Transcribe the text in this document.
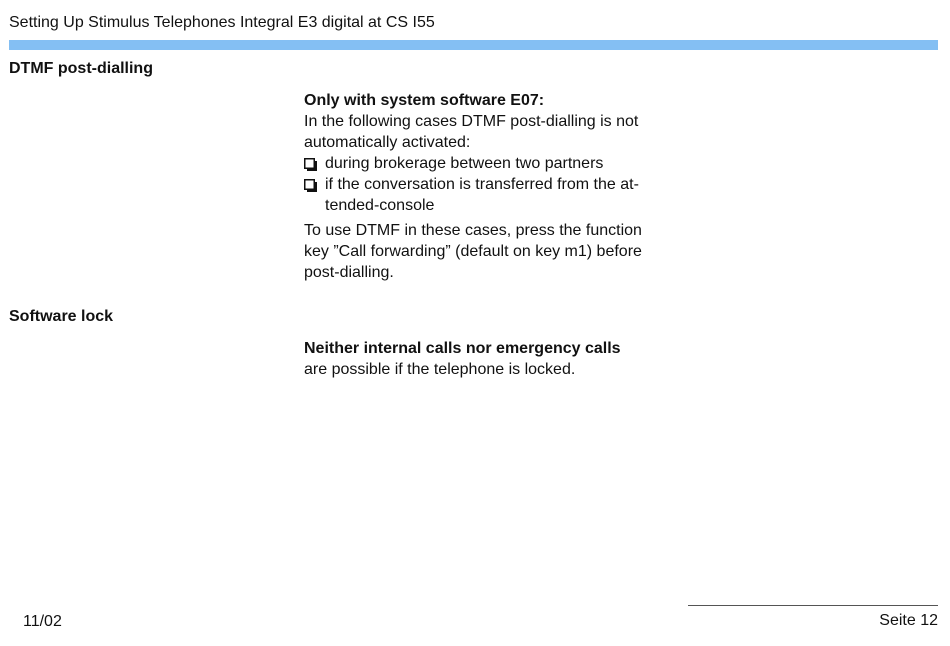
Setting Up Stimulus Telephones Integral E3 digital at CS I55
DTMF post-dialling

Only with system software E07:

In the following cases DTMF post-dialling is not automatically activated:

during brokerage between two partners
if the conversation is transferred from the at-tended-console

To use DTMF in these cases, press the function key ”Call forwarding” (default on key m1) before post-dialling.

Software lock

Neither internal calls nor emergency calls are possible if the telephone is locked.

11/02	Seite 12
